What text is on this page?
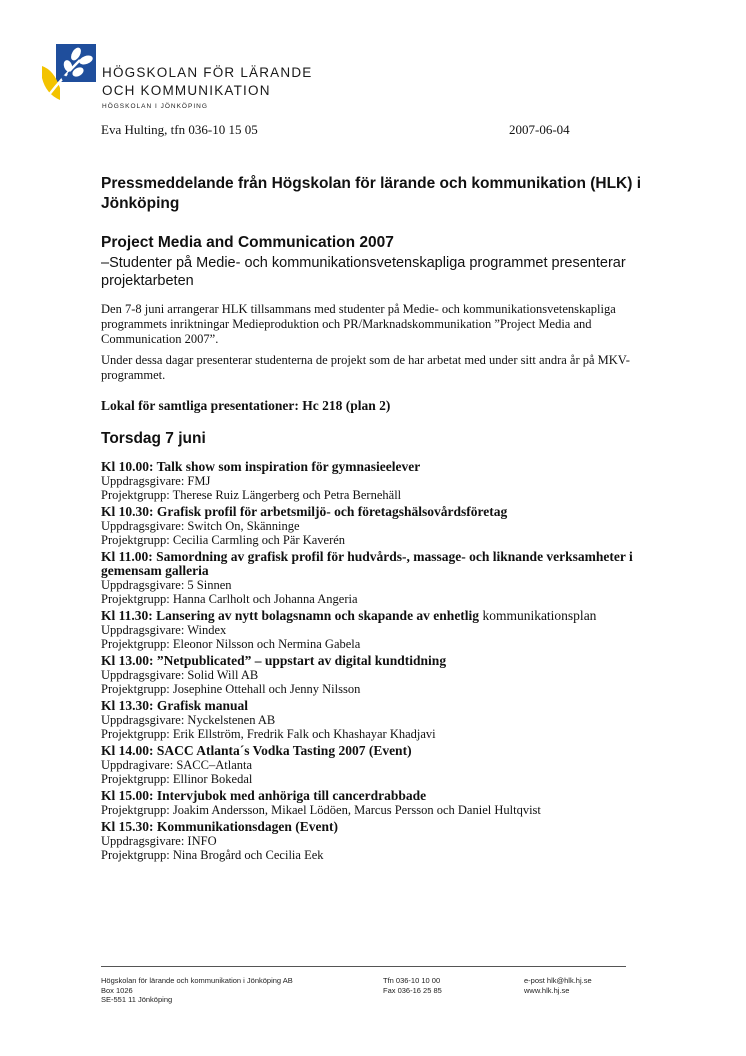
HÖGSKOLAN FÖR LÄRANDE
OCH KOMMUNIKATION
HÖGSKOLAN I JÖNKÖPING
Eva Hulting, tfn 036-10 15 05	2007-06-04
Pressmeddelande från Högskolan för lärande och kommunikation (HLK) i Jönköping
Project Media and Communication 2007
–Studenter på Medie- och kommunikationsvetenskapliga programmet presenterar projektarbeten

Den 7-8 juni arrangerar HLK tillsammans med studenter på Medie- och kommunikationsvetenskapliga programmets inriktningar Medieproduktion och PR/Marknadskommunikation ”Project Media and Communication 2007”.

Under dessa dagar presenterar studenterna de projekt som de har arbetat med under sitt andra år på MKV-programmet.

Lokal för samtliga presentationer: Hc 218 (plan 2)
Torsdag 7 juni
Kl 10.00: Talk show som inspiration för gymnasieelever
Uppdragsgivare: FMJ
Projektgrupp: Therese Ruiz Längerberg och Petra Bernehäll
Kl 10.30: Grafisk profil för arbetsmiljö- och företagshälsovårdsföretag
Uppdragsgivare: Switch On, Skänninge
Projektgrupp: Cecilia Carmling och Pär Kaverén
Kl 11.00: Samordning av grafisk profil för hudvårds-, massage- och liknande verksamheter i gemensam galleria
Uppdragsgivare: 5 Sinnen
Projektgrupp: Hanna Carlholt och Johanna Angeria
Kl 11.30: Lansering av nytt bolagsnamn och skapande av enhetlig kommunikationsplan
Uppdragsgivare: Windex
Projektgrupp: Eleonor Nilsson och Nermina Gabela
Kl 13.00: ”Netpublicated” – uppstart av digital kundtidning
Uppdragsgivare: Solid Will AB
Projektgrupp: Josephine Ottehall och Jenny Nilsson
Kl 13.30: Grafisk manual
Uppdragsgivare: Nyckelstenen AB
Projektgrupp: Erik Ellström, Fredrik Falk och Khashayar Khadjavi
Kl 14.00: SACC Atlanta´s Vodka Tasting 2007 (Event)
Uppdragivare: SACC–Atlanta
Projektgrupp: Ellinor Bokedal
Kl 15.00: Intervjubok med anhöriga till cancerdrabbade
Projektgrupp: Joakim Andersson, Mikael Lödöen, Marcus Persson och Daniel Hultqvist
Kl 15.30: Kommunikationsdagen (Event)
Uppdragsgivare: INFO
Projektgrupp: Nina Brogård och Cecilia Eek
Högskolan för lärande och kommunikation i Jönköping AB
Box 1026
SE-551 11 Jönköping
Tfn 036-10 10 00
Fax 036-16 25 85
e-post hlk@hlk.hj.se
www.hlk.hj.se
